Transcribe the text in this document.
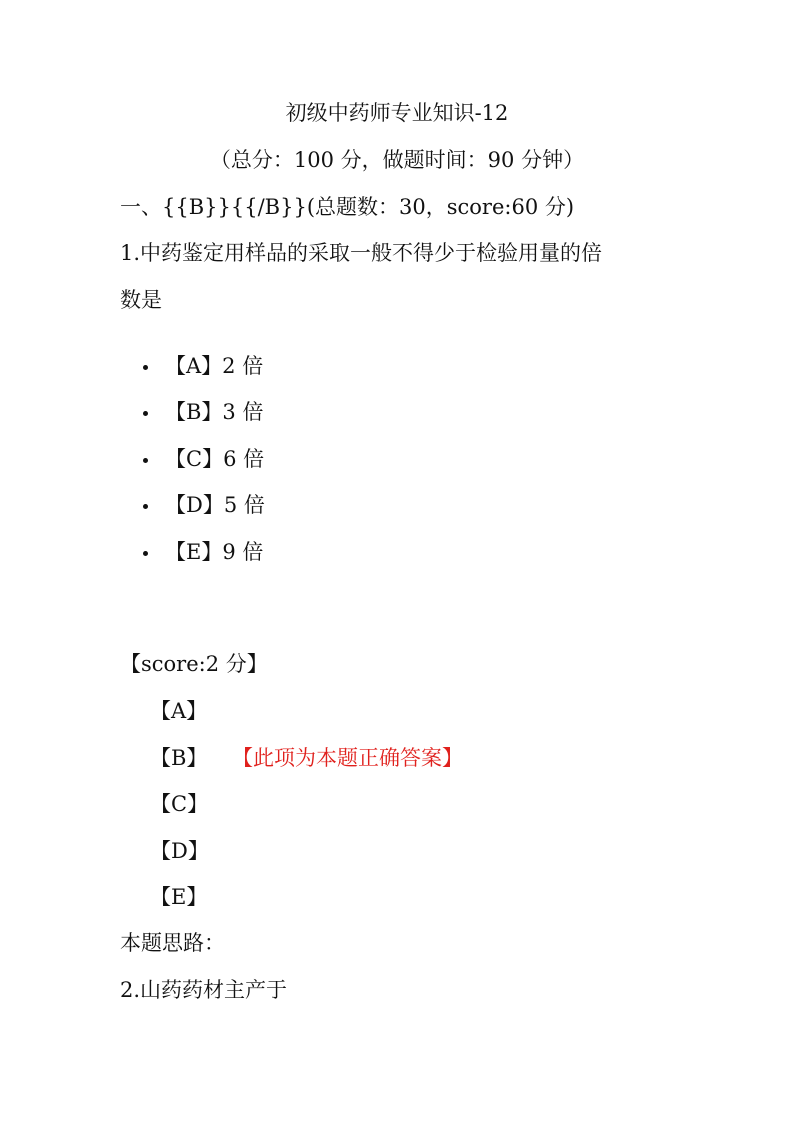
初级中药师专业知识-12
（总分：100 分，做题时间：90 分钟）
一、{{B}}{{/B}}(总题数：30，score:60 分)
1.中药鉴定用样品的采取一般不得少于检验用量的倍
数是
【A】2 倍
【B】3 倍
【C】6 倍
【D】5 倍
【E】9 倍
【score:2 分】
【A】
【B】 【此项为本题正确答案】
【C】
【D】
【E】
本题思路：
2.山药药材主产于
